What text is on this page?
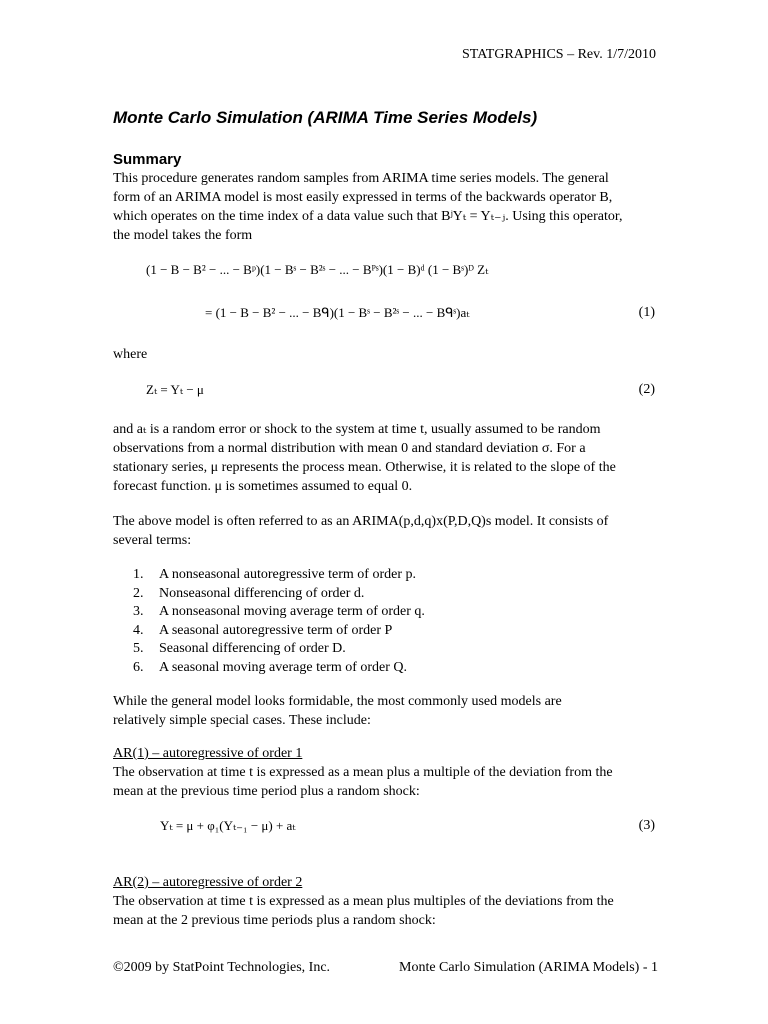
STATGRAPHICS – Rev. 1/7/2010
Monte Carlo Simulation (ARIMA Time Series Models)
Summary
This procedure generates random samples from ARIMA time series models. The general
form of an ARIMA model is most easily expressed in terms of the backwards operator B,
which operates on the time index of a data value such that BʲYₜ = Yₜ₋ⱼ. Using this operator,
the model takes the form
(1 − B − B² − ... − Bᵖ)(1 − Bˢ − B²ˢ − ... − Bᴾˢ)(1 − B)ᵈ (1 − Bˢ)ᴰ Zₜ
= (1 − B − B² − ... − Bᑫ)(1 − Bˢ − B²ˢ − ... − Bᑫˢ)aₜ	(1)
where
Zₜ = Yₜ − μ	(2)
and aₜ is a random error or shock to the system at time t, usually assumed to be random
observations from a normal distribution with mean 0 and standard deviation σ. For a
stationary series, μ represents the process mean. Otherwise, it is related to the slope of the
forecast function. μ is sometimes assumed to equal 0.
The above model is often referred to as an ARIMA(p,d,q)x(P,D,Q)s model. It consists of
several terms:
1. A nonseasonal autoregressive term of order p.
2. Nonseasonal differencing of order d.
3. A nonseasonal moving average term of order q.
4. A seasonal autoregressive term of order P
5. Seasonal differencing of order D.
6. A seasonal moving average term of order Q.
While the general model looks formidable, the most commonly used models are
relatively simple special cases. These include:
AR(1) – autoregressive of order 1
The observation at time t is expressed as a mean plus a multiple of the deviation from the
mean at the previous time period plus a random shock:
Yₜ = μ + φ₁(Yₜ₋₁ − μ) + aₜ	(3)
AR(2) – autoregressive of order 2
The observation at time t is expressed as a mean plus multiples of the deviations from the
mean at the 2 previous time periods plus a random shock:
©2009 by StatPoint Technologies, Inc.	Monte Carlo Simulation (ARIMA Models) - 1
